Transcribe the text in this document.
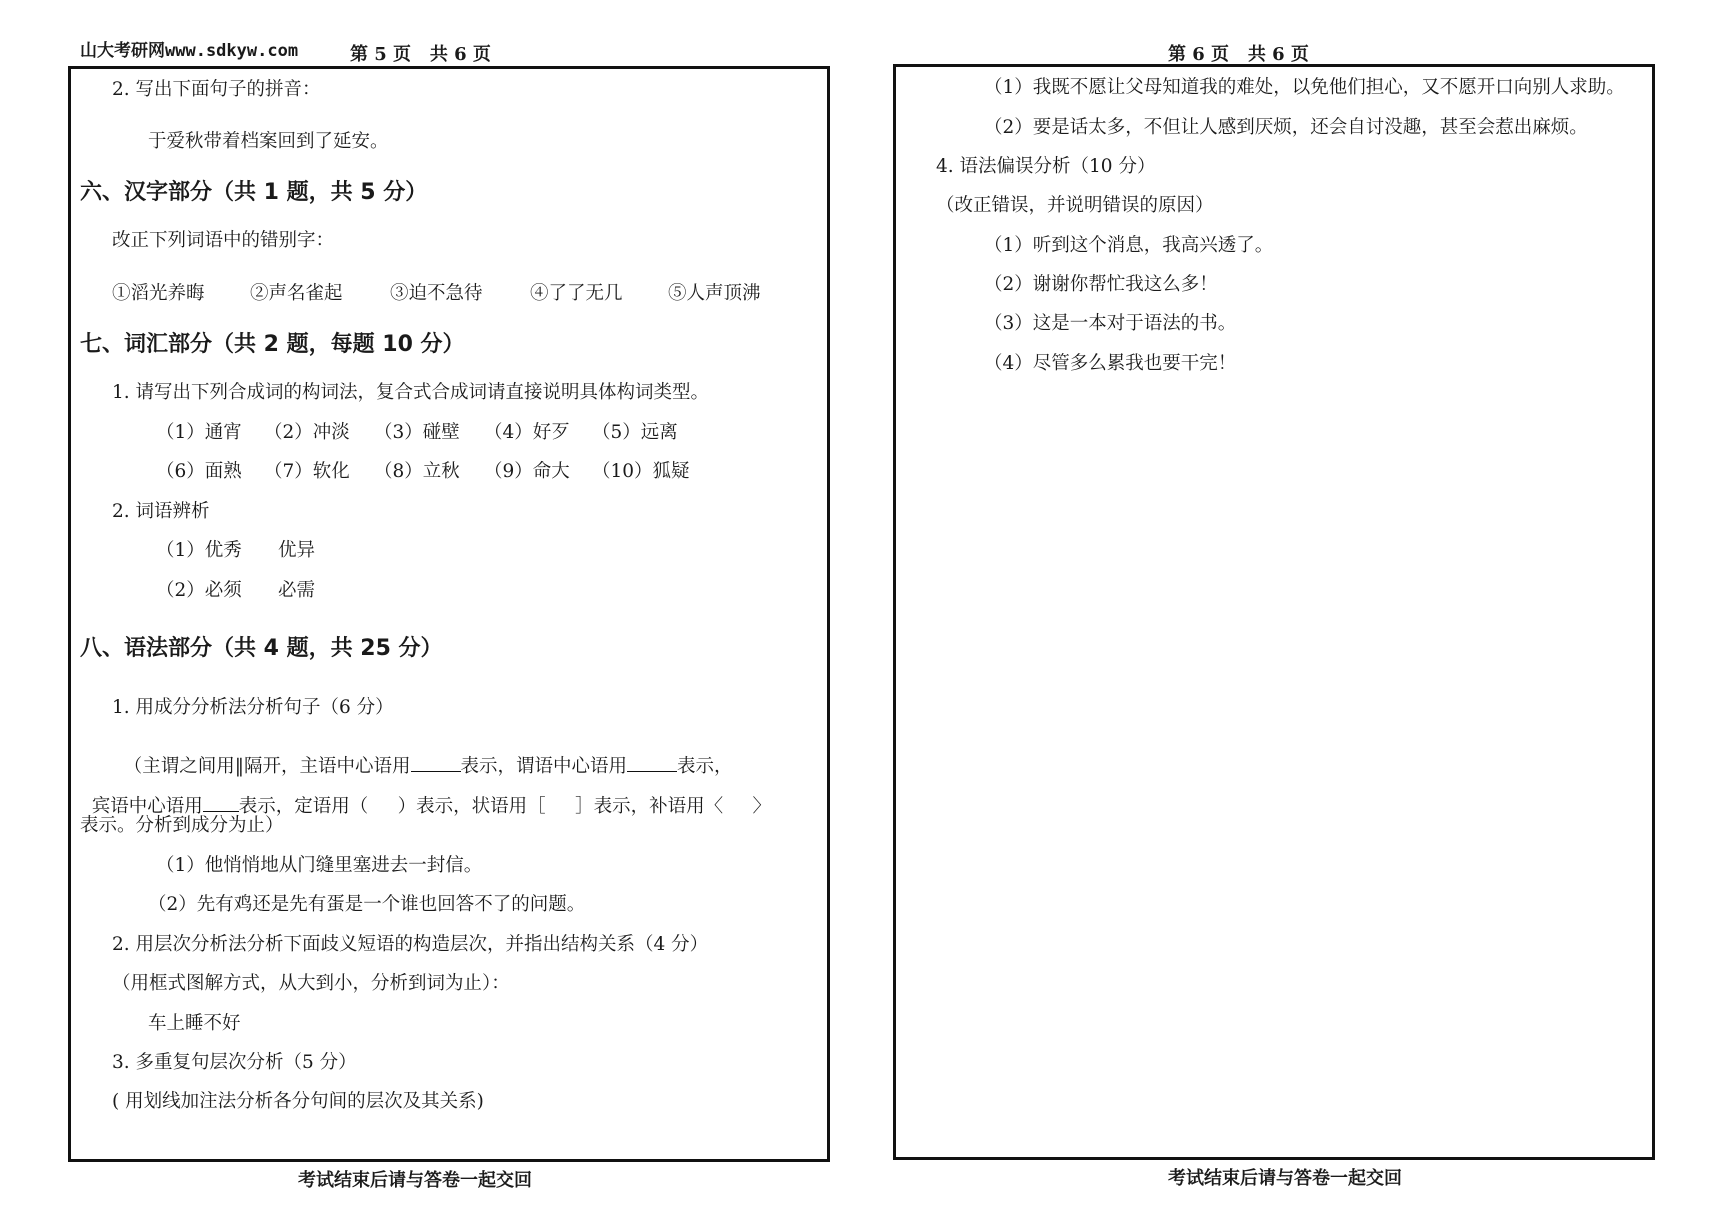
山大考研网www.sdkyw.com	第 5 页   共 6 页	第 6 页   共 6 页
2. 写出下面句子的拼音：
于爱秋带着档案回到了延安。
六、汉字部分（共 1 题，共 5 分）
改正下列词语中的错别字：
①滔光养晦 ②声名雀起	③迫不急待	④了了无几 ⑤人声顶沸
七、词汇部分（共 2 题，每题 10 分）
1. 请写出下列合成词的构词法，复合式合成词请直接说明具体构词类型。
（1）通宵 （2）冲淡 （3）碰壁 （4）好歹 （5）远离
（6）面熟 （7）软化 （8）立秋 （9）命大 （10）狐疑
2. 词语辨析
（1）优秀 优异
（2）必须 必需
八、语法部分（共 4 题，共 25 分）
1. 用成分分析法分析句子（6 分）

（主谓之间用‖隔开，主语中心语用	表示，谓语中心语用	表示，

宾语中心语用 表示，定语用（     ）表示，状语用［     ］表示，补语用〈     〉

表示。分析到成分为止）
（1）他悄悄地从门缝里塞进去一封信。
（2）先有鸡还是先有蛋是一个谁也回答不了的问题。
2. 用层次分析法分析下面歧义短语的构造层次，并指出结构关系（4 分）
（用框式图解方式，从大到小，分析到词为止）：
车上睡不好
3. 多重复句层次分析（5 分）
( 用划线加注法分析各分句间的层次及其关系)
（1）我既不愿让父母知道我的难处，以免他们担心，又不愿开口向别人求助。
（2）要是话太多，不但让人感到厌烦，还会自讨没趣，甚至会惹出麻烦。
4. 语法偏误分析（10 分）
（改正错误，并说明错误的原因）
（1）听到这个消息，我高兴透了。
（2）谢谢你帮忙我这么多！
（3）这是一本对于语法的书。
（4）尽管多么累我也要干完！
考试结束后请与答卷一起交回	考试结束后请与答卷一起交回
